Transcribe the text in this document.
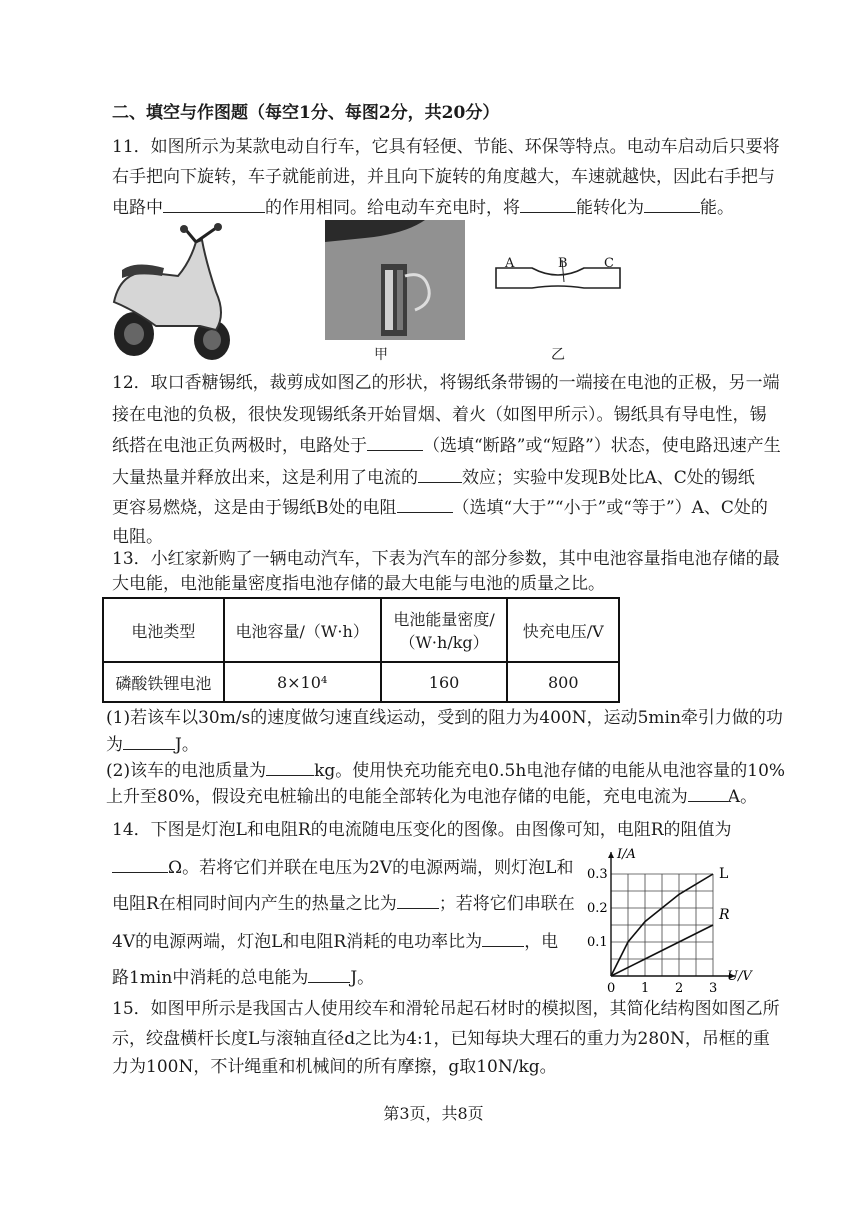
二、填空与作图题（每空1分、每图2分，共20分）
11．如图所示为某款电动自行车，它具有轻便、节能、环保等特点。电动车启动后只要将
右手把向下旋转，车子就能前进，并且向下旋转的角度越大，车速就越快，因此右手把与
电路中	的作用相同。给电动车充电时，将	能转化为	能。
甲
A	B	C
乙
12．取口香糖锡纸，裁剪成如图乙的形状，将锡纸条带锡的一端接在电池的正极，另一端
接在电池的负极，很快发现锡纸条开始冒烟、着火（如图甲所示）。锡纸具有导电性，锡
纸搭在电池正负两极时，电路处于	（选填“断路”或“短路”）状态，使电路迅速产生
大量热量并释放出来，这是利用了电流的	效应；实验中发现B处比A、C处的锡纸
更容易燃烧，这是由于锡纸B处的电阻	（选填“大于”“小于”或“等于”）A、C处的
电阻。
13．小红家新购了一辆电动汽车，下表为汽车的部分参数，其中电池容量指电池存储的最
大电能，电池能量密度指电池存储的最大电能与电池的质量之比。
电池类型	电池容量/（W·h）	电池能量密度/
（W·h/kg）	快充电压/V
磷酸铁锂电池	8×10⁴	160	800
(1)若该车以30m/s的速度做匀速直线运动，受到的阻力为400N，运动5min牵引力做的功
为	J。
(2)该车的电池质量为	kg。使用快充功能充电0.5h电池存储的电能从电池容量的10%
上升至80%，假设充电桩输出的电能全部转化为电池存储的电能，充电电流为 A。
14．下图是灯泡L和电阻R的电流随电压变化的图像。由图像可知，电阻R的阻值为
Ω。若将它们并联在电压为2V的电源两端，则灯泡L和
电阻R在相同时间内产生的热量之比为 ；若将它们串联在
4V的电源两端，灯泡L和电阻R消耗的电功率比为 ，电
路1min中消耗的总电能为 J。	U/V
I/A
0 1 2 3
0.1
0.2
0.3	L
R
15．如图甲所示是我国古人使用绞车和滑轮吊起石材时的模拟图，其简化结构图如图乙所
示，绞盘横杆长度L与滚轴直径d之比为4:1，已知每块大理石的重力为280N，吊框的重
力为100N，不计绳重和机械间的所有摩擦，g取10N/kg。
第3页，共8页
